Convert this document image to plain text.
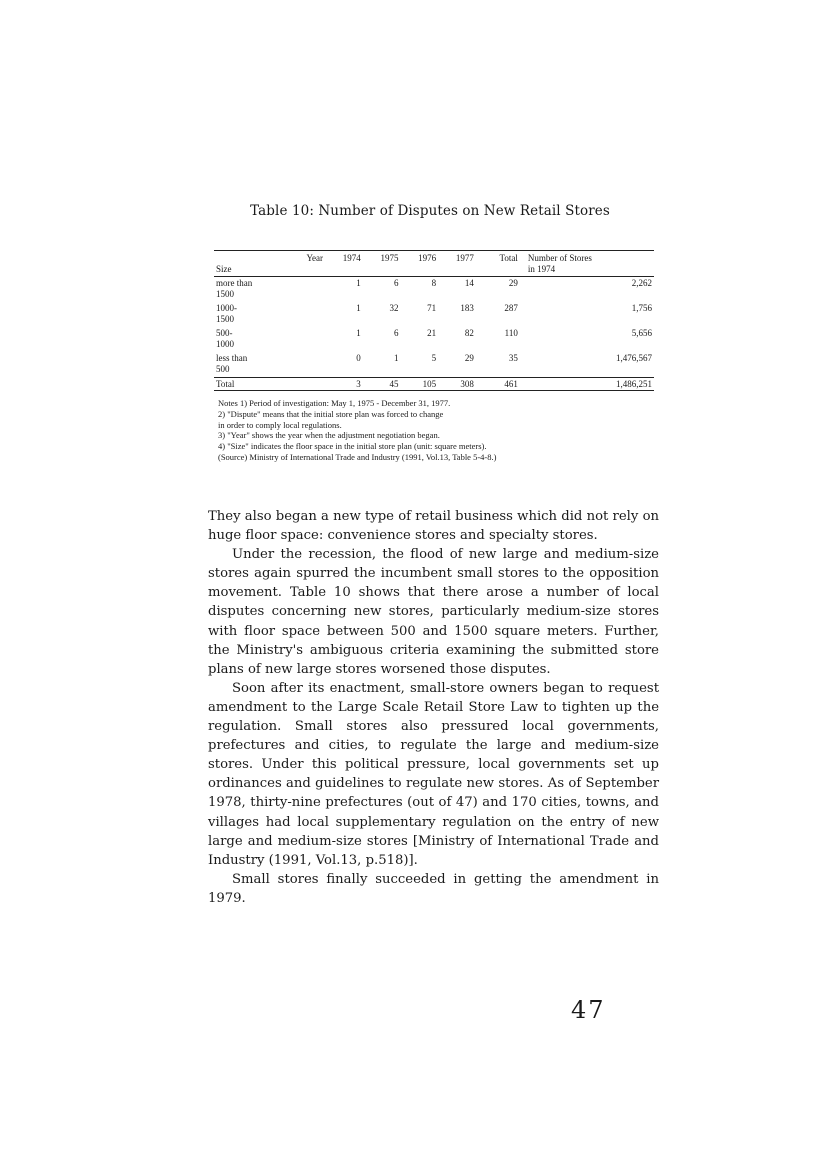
Table 10: Number of Disputes on New Retail Stores
	Year	1974	1975	1976	1977	Total	Number of Stores
Size							in 1974
more than
1500		1	6	8	14	29	2,262
1000-
1500		1	32	71	183	287	1,756
500-
1000		1	6	21	82	110	5,656
less than
500		0	1	5	29	35	1,476,567
Total		3	45	105	308	461	1,486,251
Notes 1) Period of investigation: May 1, 1975 - December 31, 1977.
2) "Dispute" means that the initial store plan was forced to change
in order to comply local regulations.
3) "Year" shows the year when the adjustment negotiation began.
4) "Size" indicates the floor space in the initial store plan (unit: square meters).
(Source) Ministry of International Trade and Industry (1991, Vol.13, Table 5-4-8.)

They also began a new type of retail business which did not rely on huge floor space: convenience stores and specialty stores.

Under the recession, the flood of new large and medium-size stores again spurred the incumbent small stores to the opposition movement. Table 10 shows that there arose a number of local disputes concerning new stores, particularly medium-size stores with floor space between 500 and 1500 square meters. Further, the Ministry's ambiguous criteria examining the submitted store plans of new large stores worsened those disputes.

Soon after its enactment, small-store owners began to request amendment to the Large Scale Retail Store Law to tighten up the regulation. Small stores also pressured local governments, prefectures and cities, to regulate the large and medium-size stores. Under this political pressure, local governments set up ordinances and guidelines to regulate new stores. As of September 1978, thirty-nine prefectures (out of 47) and 170 cities, towns, and villages had local supplementary regulation on the entry of new large and medium-size stores [Ministry of International Trade and Industry (1991, Vol.13, p.518)].

Small stores finally succeeded in getting the amendment in 1979.

47
